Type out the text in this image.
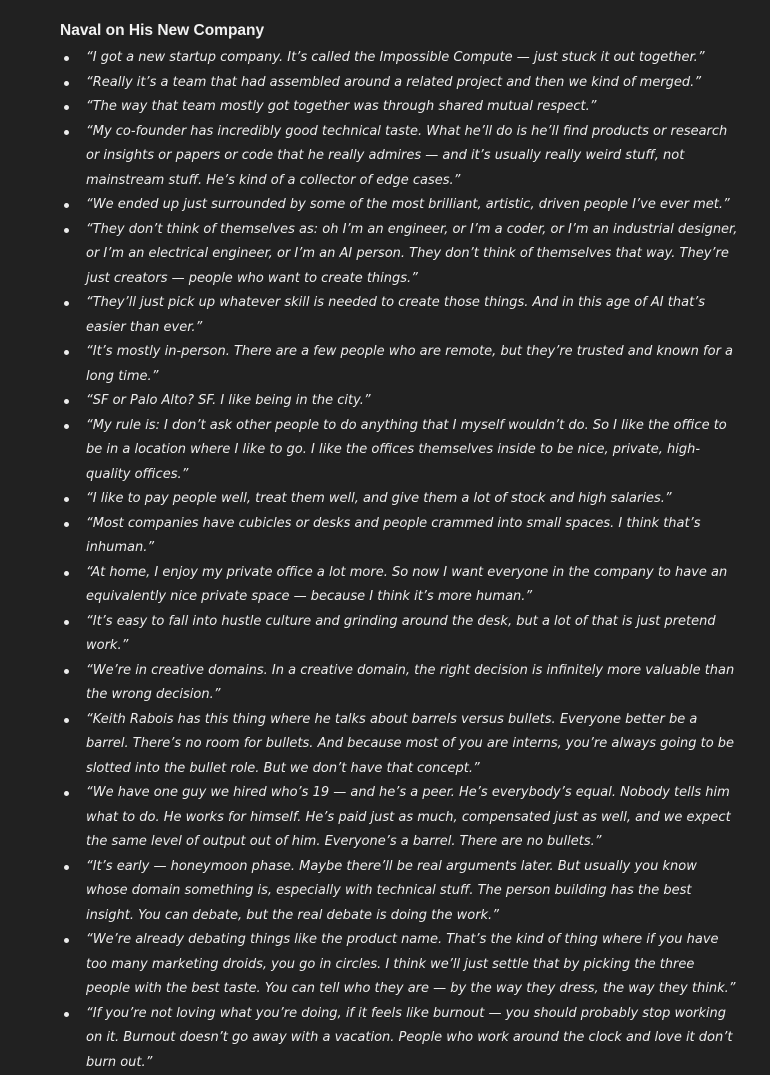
Naval on His New Company
“I got a new startup company. It’s called the Impossible Compute — just stuck it out together.”
“Really it’s a team that had assembled around a related project and then we kind of merged.”
“The way that team mostly got together was through shared mutual respect.”
“My co-founder has incredibly good technical taste. What he’ll do is he’ll find products or research or insights or papers or code that he really admires — and it’s usually really weird stuff, not mainstream stuff. He’s kind of a collector of edge cases.”
“We ended up just surrounded by some of the most brilliant, artistic, driven people I’ve ever met.”
“They don’t think of themselves as: oh I’m an engineer, or I’m a coder, or I’m an industrial designer, or I’m an electrical engineer, or I’m an AI person. They don’t think of themselves that way. They’re just creators — people who want to create things.”
“They’ll just pick up whatever skill is needed to create those things. And in this age of AI that’s easier than ever.”
“It’s mostly in-person. There are a few people who are remote, but they’re trusted and known for a long time.”
“SF or Palo Alto? SF. I like being in the city.”
“My rule is: I don’t ask other people to do anything that I myself wouldn’t do. So I like the office to be in a location where I like to go. I like the offices themselves inside to be nice, private, high-quality offices.”
“I like to pay people well, treat them well, and give them a lot of stock and high salaries.”
“Most companies have cubicles or desks and people crammed into small spaces. I think that’s inhuman.”
“At home, I enjoy my private office a lot more. So now I want everyone in the company to have an equivalently nice private space — because I think it’s more human.”
“It’s easy to fall into hustle culture and grinding around the desk, but a lot of that is just pretend work.”
“We’re in creative domains. In a creative domain, the right decision is infinitely more valuable than the wrong decision.”
“Keith Rabois has this thing where he talks about barrels versus bullets. Everyone better be a barrel. There’s no room for bullets. And because most of you are interns, you’re always going to be slotted into the bullet role. But we don’t have that concept.”
“We have one guy we hired who’s 19 — and he’s a peer. He’s everybody’s equal. Nobody tells him what to do. He works for himself. He’s paid just as much, compensated just as well, and we expect the same level of output out of him. Everyone’s a barrel. There are no bullets.”
“It’s early — honeymoon phase. Maybe there’ll be real arguments later. But usually you know whose domain something is, especially with technical stuff. The person building has the best insight. You can debate, but the real debate is doing the work.”
“We’re already debating things like the product name. That’s the kind of thing where if you have too many marketing droids, you go in circles. I think we’ll just settle that by picking the three people with the best taste. You can tell who they are — by the way they dress, the way they think.”
“If you’re not loving what you’re doing, if it feels like burnout — you should probably stop working on it. Burnout doesn’t go away with a vacation. People who work around the clock and love it don’t burn out.”
